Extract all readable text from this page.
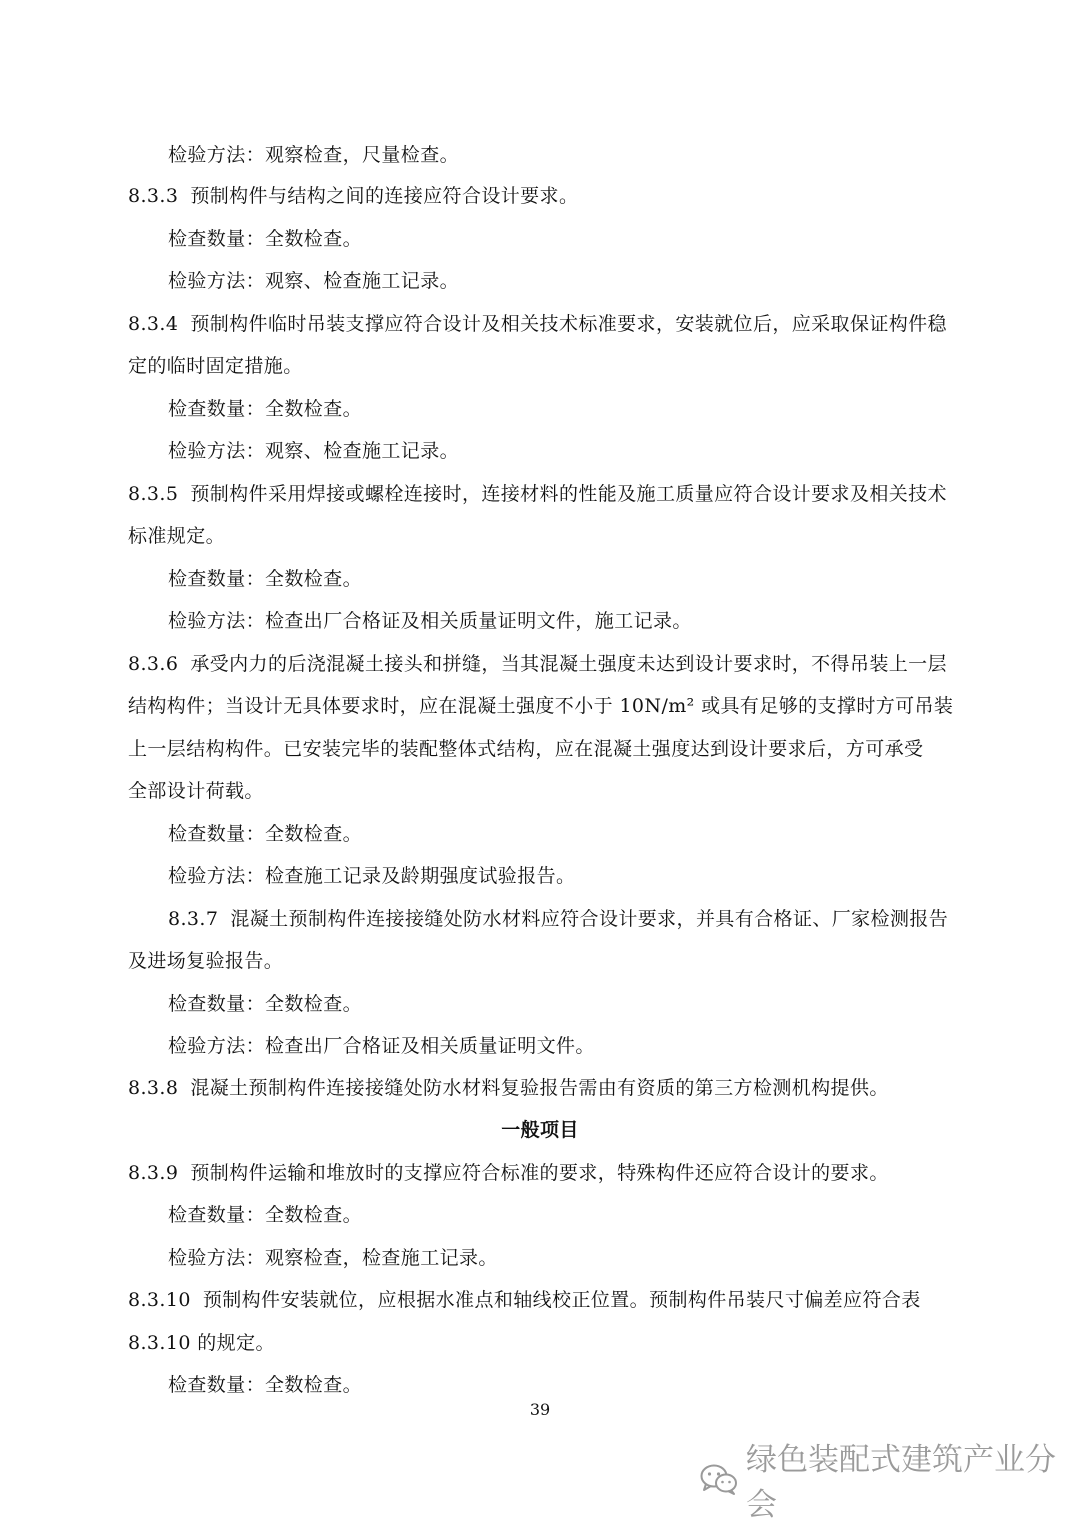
检验方法：观察检查，尺量检查。

8.3.3 预制构件与结构之间的连接应符合设计要求。

检查数量：全数检查。

检验方法：观察、检查施工记录。

8.3.4 预制构件临时吊装支撑应符合设计及相关技术标准要求，安装就位后，应采取保证构件稳

定的临时固定措施。

检查数量：全数检查。

检验方法：观察、检查施工记录。

8.3.5 预制构件采用焊接或螺栓连接时，连接材料的性能及施工质量应符合设计要求及相关技术

标准规定。

检查数量：全数检查。

检验方法：检查出厂合格证及相关质量证明文件，施工记录。

8.3.6 承受内力的后浇混凝土接头和拼缝，当其混凝土强度未达到设计要求时，不得吊装上一层

结构构件；当设计无具体要求时，应在混凝土强度不小于 10N/m² 或具有足够的支撑时方可吊装

上一层结构构件。已安装完毕的装配整体式结构，应在混凝土强度达到设计要求后，方可承受

全部设计荷载。

检查数量：全数检查。

检验方法：检查施工记录及龄期强度试验报告。

8.3.7 混凝土预制构件连接接缝处防水材料应符合设计要求，并具有合格证、厂家检测报告

及进场复验报告。

检查数量：全数检查。

检验方法：检查出厂合格证及相关质量证明文件。

8.3.8 混凝土预制构件连接接缝处防水材料复验报告需由有资质的第三方检测机构提供。

一般项目

8.3.9 预制构件运输和堆放时的支撑应符合标准的要求，特殊构件还应符合设计的要求。

检查数量：全数检查。

检验方法：观察检查，检查施工记录。

8.3.10 预制构件安装就位，应根据水准点和轴线校正位置。预制构件吊装尺寸偏差应符合表

8.3.10 的规定。

检查数量：全数检查。

39
绿色装配式建筑产业分会
